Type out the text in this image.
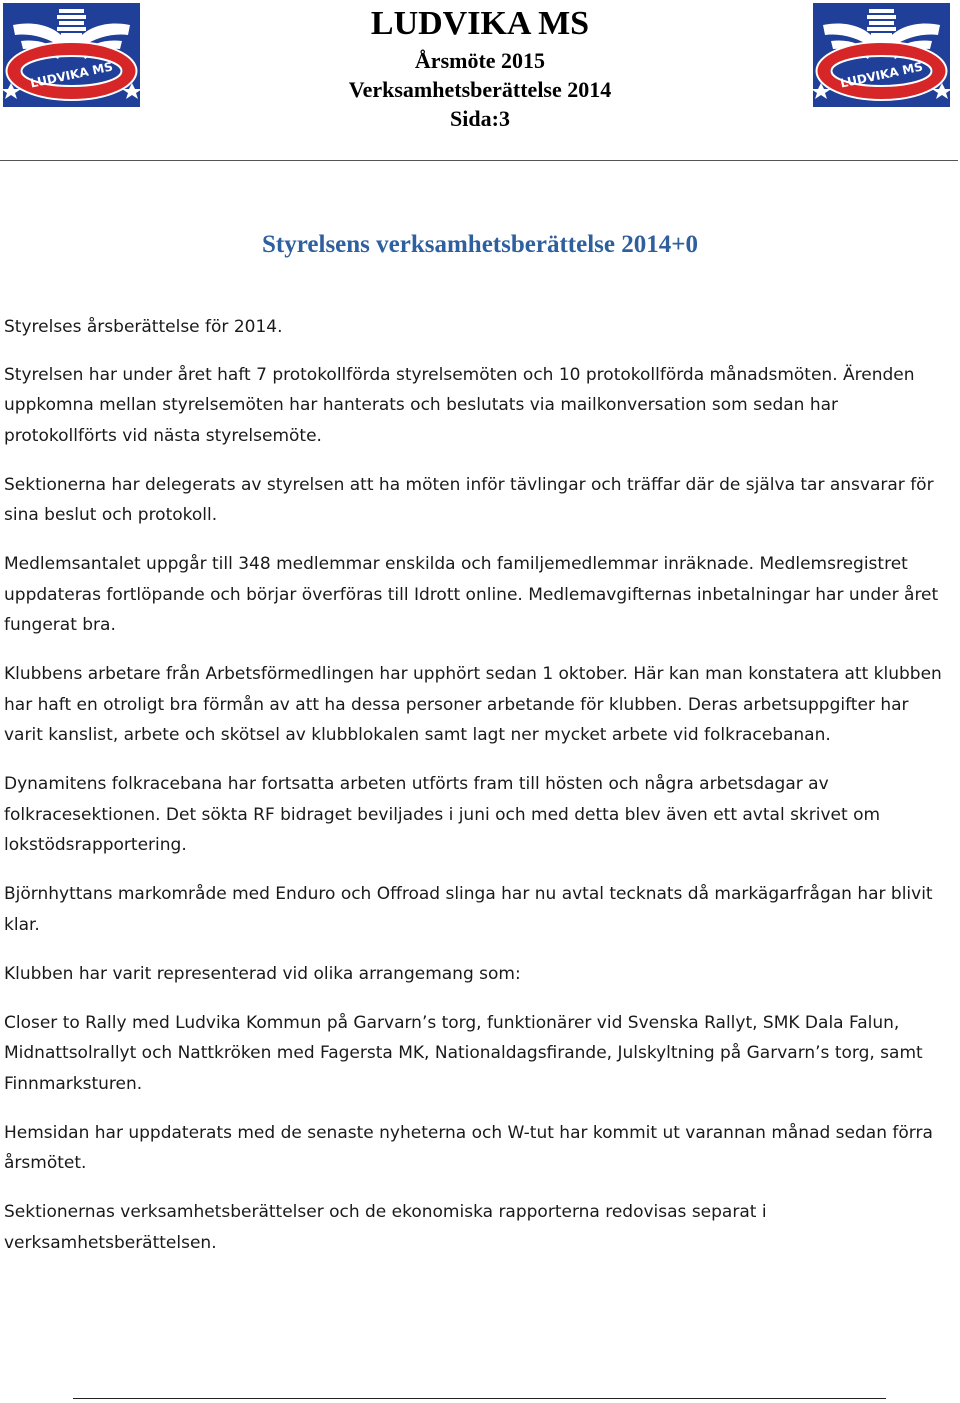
LUDVIKA MS
LUDVIKA MS
Årsmöte 2015
Verksamhetsberättelse 2014
Sida:3
LUDVIKA MS
Styrelsens verksamhetsberättelse 2014+0

Styrelses årsberättelse för 2014.

Styrelsen har under året haft 7 protokollförda styrelsemöten och 10 protokollförda månadsmöten. Ärenden uppkomna mellan styrelsemöten har hanterats och beslutats via mailkonversation som sedan har protokollförts vid nästa styrelsemöte.

Sektionerna har delegerats av styrelsen att ha möten inför tävlingar och träffar där de själva tar ansvarar för sina beslut och protokoll.

Medlemsantalet uppgår till 348 medlemmar enskilda och familjemedlemmar inräknade. Medlemsregistret uppdateras fortlöpande och börjar överföras till Idrott online. Medlemavgifternas inbetalningar har under året fungerat bra.

Klubbens arbetare från Arbetsförmedlingen har upphört sedan 1 oktober. Här kan man konstatera att klubben har haft en otroligt bra förmån av att ha dessa personer arbetande för klubben. Deras arbetsuppgifter har varit kanslist, arbete och skötsel av klubblokalen samt lagt ner mycket arbete vid folkracebanan.

Dynamitens folkracebana har fortsatta arbeten utförts fram till hösten och några arbetsdagar av folkracesektionen. Det sökta RF bidraget beviljades i juni och med detta blev även ett avtal skrivet om lokstödsrapportering.

Björnhyttans markområde med Enduro och Offroad slinga har nu avtal tecknats då markägarfrågan har blivit klar.

Klubben har varit representerad vid olika arrangemang som:

Closer to Rally med Ludvika Kommun på Garvarn’s torg, funktionärer vid Svenska Rallyt, SMK Dala Falun, Midnattsolrallyt och Nattkröken med Fagersta MK, Nationaldagsfirande, Julskyltning på Garvarn’s torg, samt Finnmarksturen.

Hemsidan har uppdaterats med de senaste nyheterna och W-tut har kommit ut varannan månad sedan förra årsmötet.

Sektionernas verksamhetsberättelser och de ekonomiska rapporterna redovisas separat i verksamhetsberättelsen.
